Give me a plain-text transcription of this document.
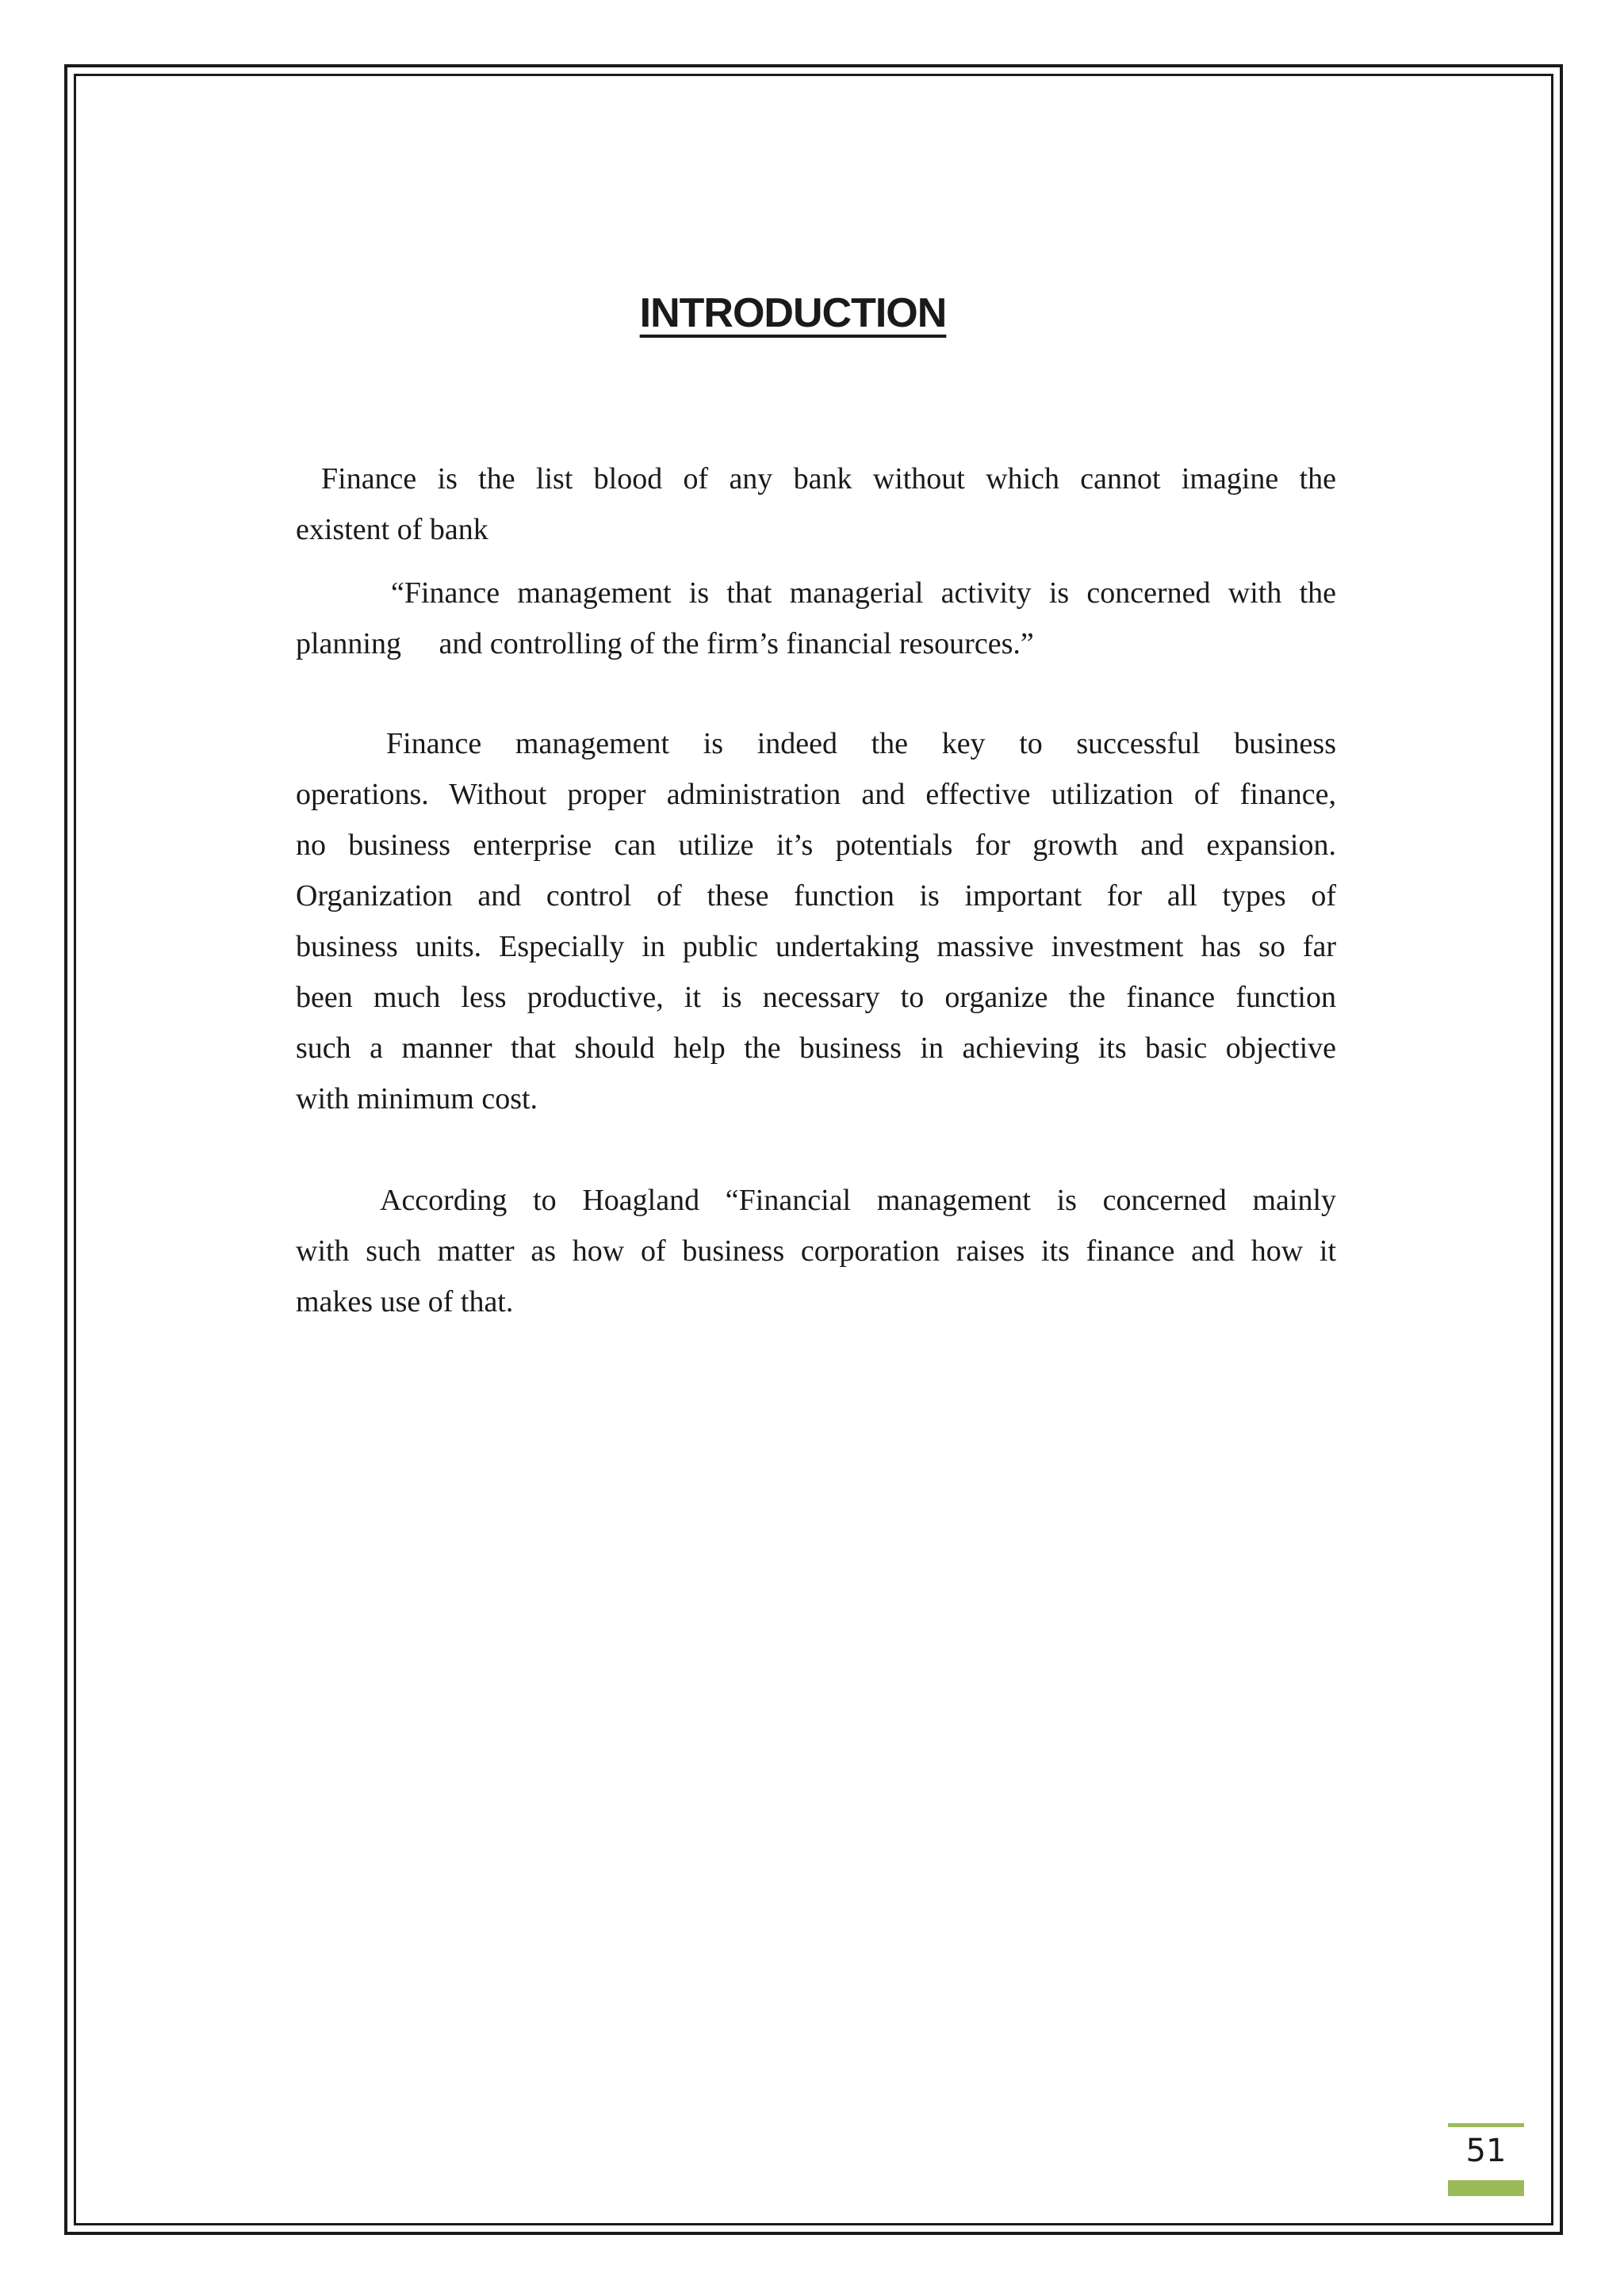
INTRODUCTION
Finance is the list blood of any bank without which cannot imagine the
existent of bank
“Finance management is that managerial activity is concerned with the
planning     and controlling of the firm’s financial resources.”
Finance management is indeed the key to successful business
operations. Without proper administration and effective utilization of finance,
no business enterprise can utilize it’s potentials for growth and expansion.
Organization and control of these function is important for all types of
business units. Especially in public undertaking massive investment has so far
been much less productive, it is necessary to organize the finance function
such a manner that should help the business in achieving its basic objective
with minimum cost.
According to Hoagland “Financial management is concerned mainly
with such matter as how of business corporation raises its finance and how it
makes use of that.
51
